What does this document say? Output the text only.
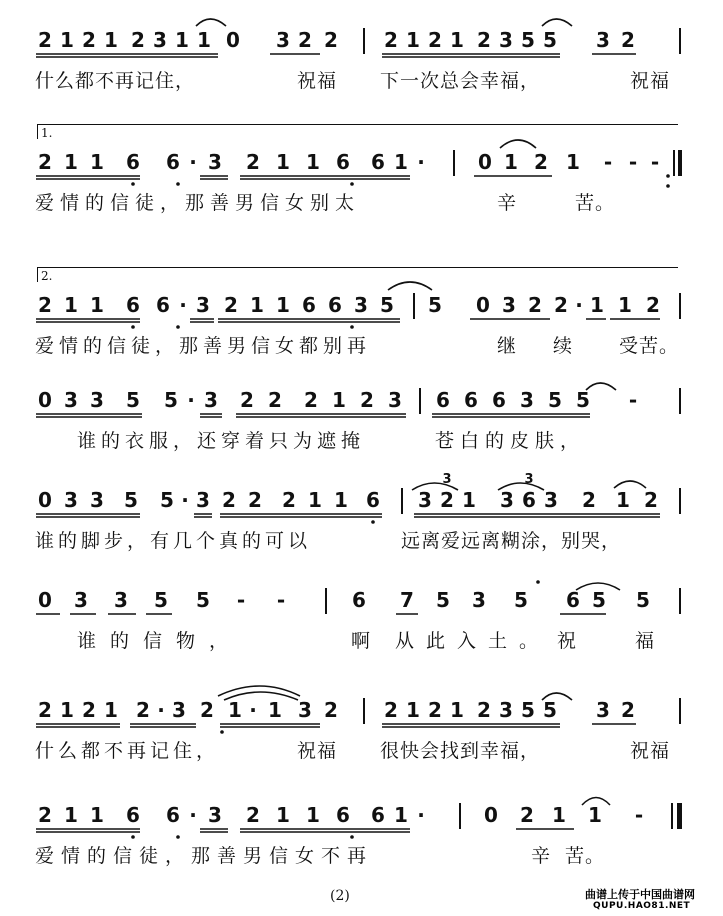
2 1 2 1 2 3 1 1 0 3 2 2 2 1 2 1 2 3 5 5 3 2
什么都不再记住，	祝福 下一次总会幸福，	祝福
1.
2 1 1 6 6 · 3 2 1 1 6 6 1 ·	0 1 2 1 - - -
爱情的信徒，那善男信女别太	辛	苦。
2.
2 1 1 6 6 · 3 2 1 1 6 6 3 5 5 0 3 2 2 · 1 1 2
爱情的信徒，那善男信女都别再	继 续 受苦。
0 3 3 5 5 · 3 2 2 2 1 2 3 6 6 6 3 5 5 -
谁的衣服，还穿着只为遮掩	苍白的皮肤，
0 3 3 5 5 · 3 2 2 2 1 1 6 3 2 1 3 6 3 2 1 2
3	3
谁的脚步，有几个真的可以	远离爱远离糊涂，别哭，
0 3 3 5 5 - -	6 7 5 3 5 6 5 5
谁的信物，	啊 从此入土。 祝	福
2 1 2 1 2 · 3 2 1 · 1 3 2 2 1 2 1 2 3 5 5 3 2
什么都不再记住，	祝福 很快会找到幸福，	祝福
2 1 1 6 6 · 3 2 1 1 6 6 1 ·	0 2 1 1 -
爱情的信徒，那善男信女不再	辛 苦。
(2)	曲谱上传于中国曲谱网
QUPU.HAO81.NET
